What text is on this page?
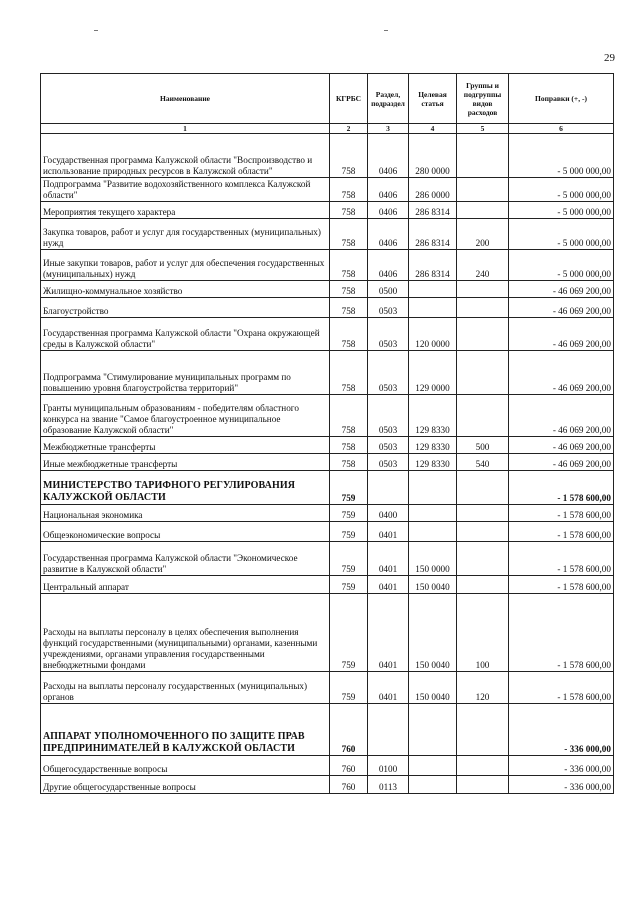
29
Наименование	КГРБС	Раздел, подраздел	Целевая статья	Группы и подгруппы видов расходов	Поправки (+, -)
1	2	3	4	5	6
Государственная программа Калужской области "Воспроизводство и использование природных ресурсов в Калужской области"	758	0406	280 0000		- 5 000 000,00
Подпрограмма "Развитие водохозяйственного комплекса Калужской области"	758	0406	286 0000		- 5 000 000,00
Мероприятия текущего характера	758	0406	286 8314		- 5 000 000,00
Закупка товаров, работ и услуг для государственных (муниципальных) нужд	758	0406	286 8314	200	- 5 000 000,00
Иные закупки товаров, работ и услуг для обеспечения государственных (муниципальных) нужд	758	0406	286 8314	240	- 5 000 000,00
Жилищно-коммунальное хозяйство	758	0500			- 46 069 200,00
Благоустройство	758	0503			- 46 069 200,00
Государственная программа Калужской области "Охрана окружающей среды в Калужской области"	758	0503	120 0000		- 46 069 200,00
Подпрограмма "Стимулирование муниципальных программ по повышению уровня благоустройства территорий"	758	0503	129 0000		- 46 069 200,00
Гранты муниципальным образованиям - победителям областного конкурса на звание "Самое благоустроенное муниципальное образование Калужской области"	758	0503	129 8330		- 46 069 200,00
Межбюджетные трансферты	758	0503	129 8330	500	- 46 069 200,00
Иные межбюджетные трансферты	758	0503	129 8330	540	- 46 069 200,00
МИНИСТЕРСТВО ТАРИФНОГО РЕГУЛИРОВАНИЯ КАЛУЖСКОЙ ОБЛАСТИ	759				- 1 578 600,00
Национальная экономика	759	0400			- 1 578 600,00
Общеэкономические вопросы	759	0401			- 1 578 600,00
Государственная программа Калужской области "Экономическое развитие в Калужской области"	759	0401	150 0000		- 1 578 600,00
Центральный аппарат	759	0401	150 0040		- 1 578 600,00
Расходы на выплаты персоналу в целях обеспечения выполнения функций государственными (муниципальными) органами, казенными учреждениями, органами управления государственными внебюджетными фондами	759	0401	150 0040	100	- 1 578 600,00
Расходы на выплаты персоналу государственных (муниципальных) органов	759	0401	150 0040	120	- 1 578 600,00
АППАРАТ УПОЛНОМОЧЕННОГО ПО ЗАЩИТЕ ПРАВ ПРЕДПРИНИМАТЕЛЕЙ В КАЛУЖСКОЙ ОБЛАСТИ	760				- 336 000,00
Общегосударственные вопросы	760	0100			- 336 000,00
Другие общегосударственные вопросы	760	0113			- 336 000,00
